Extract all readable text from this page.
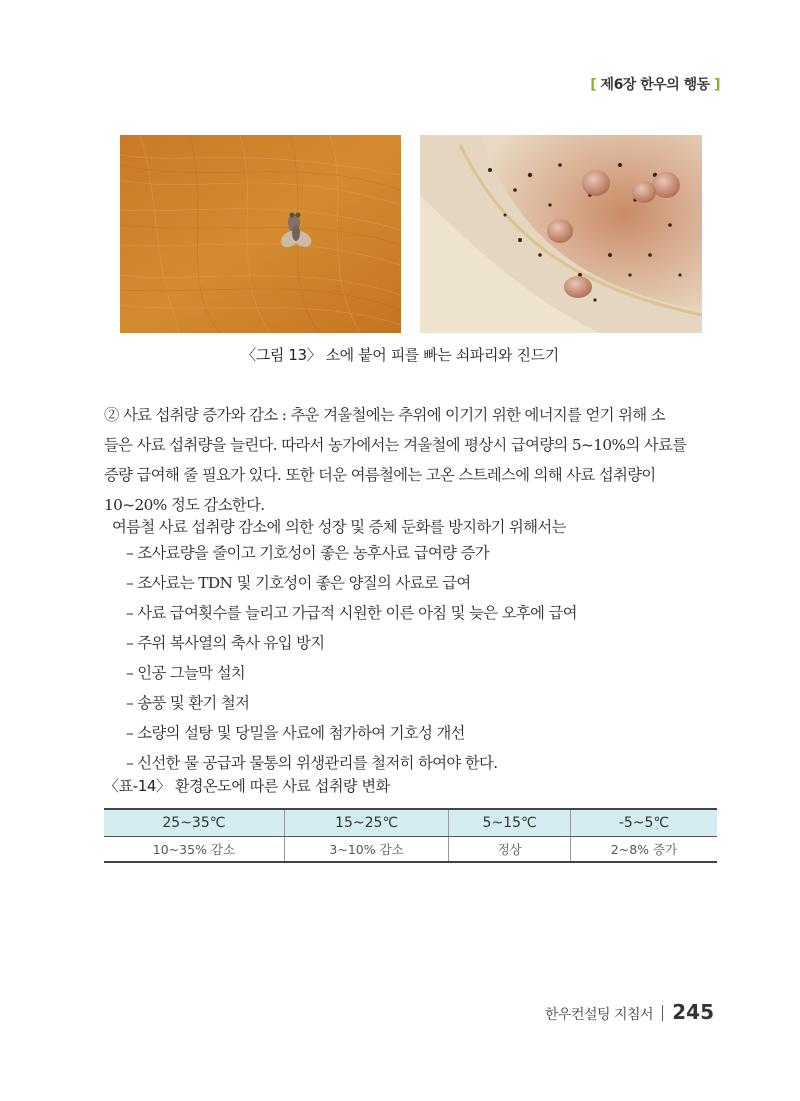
[ 제6장 한우의 행동 ]
〈그림 13〉 소에 붙어 피를 빠는 쇠파리와 진드기
② 사료 섭취량 증가와 감소 : 추운 겨울철에는 추위에 이기기 위한 에너지를 얻기 위해 소
들은 사료 섭취량을 늘린다. 따라서 농가에서는 겨울철에 평상시 급여량의 5~10%의 사료를
증량 급여해 줄 필요가 있다. 또한 더운 여름철에는 고온 스트레스에 의해 사료 섭취량이
10~20% 정도 감소한다.
여름철 사료 섭취량 감소에 의한 성장 및 증체 둔화를 방지하기 위해서는
– 조사료량을 줄이고 기호성이 좋은 농후사료 급여량 증가
– 조사료는 TDN 및 기호성이 좋은 양질의 사료로 급여
– 사료 급여횟수를 늘리고 가급적 시원한 이른 아침 및 늦은 오후에 급여
– 주위 복사열의 축사 유입 방지
– 인공 그늘막 설치
– 송풍 및 환기 철저
– 소량의 설탕 및 당밀을 사료에 첨가하여 기호성 개선
– 신선한 물 공급과 물통의 위생관리를 철저히 하여야 한다.
〈표-14〉 환경온도에 따른 사료 섭취량 변화
25~35℃	15~25℃	5~15℃	-5~5℃
10~35% 감소	3~10% 감소	정상	2~8% 증가
한우컨설팅 지침서 245
